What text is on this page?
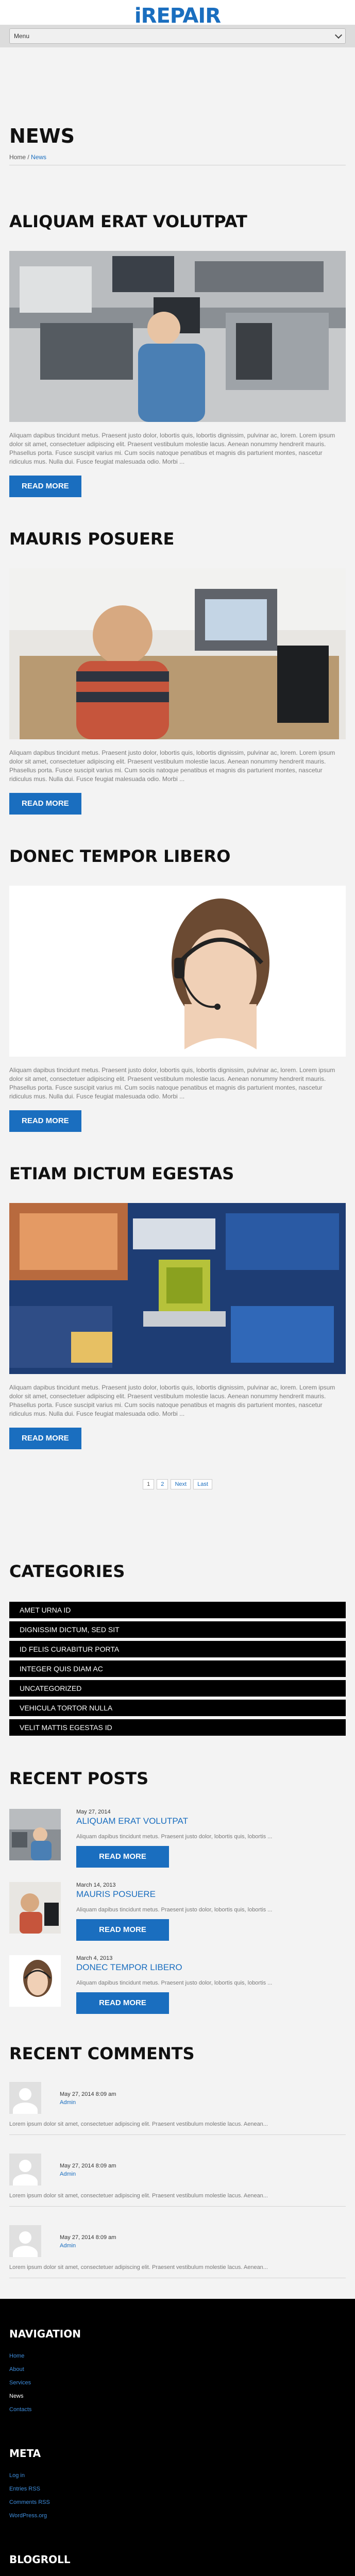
iREPAIR
Menu
NEWS
Home / News
ALIQUAM ERAT VOLUTPAT
Aliquam dapibus tincidunt metus. Praesent justo dolor, lobortis quis, lobortis dignissim, pulvinar ac, lorem. Lorem ipsum dolor sit amet, consectetuer adipiscing elit. Praesent vestibulum molestie lacus. Aenean nonummy hendrerit mauris. Phasellus porta. Fusce suscipit varius mi. Cum sociis natoque penatibus et magnis dis parturient montes, nascetur ridiculus mus. Nulla dui. Fusce feugiat malesuada odio. Morbi ...
READ MORE
MAURIS POSUERE
Aliquam dapibus tincidunt metus. Praesent justo dolor, lobortis quis, lobortis dignissim, pulvinar ac, lorem. Lorem ipsum dolor sit amet, consectetuer adipiscing elit. Praesent vestibulum molestie lacus. Aenean nonummy hendrerit mauris. Phasellus porta. Fusce suscipit varius mi. Cum sociis natoque penatibus et magnis dis parturient montes, nascetur ridiculus mus. Nulla dui. Fusce feugiat malesuada odio. Morbi ...
READ MORE
DONEC TEMPOR LIBERO
Aliquam dapibus tincidunt metus. Praesent justo dolor, lobortis quis, lobortis dignissim, pulvinar ac, lorem. Lorem ipsum dolor sit amet, consectetuer adipiscing elit. Praesent vestibulum molestie lacus. Aenean nonummy hendrerit mauris. Phasellus porta. Fusce suscipit varius mi. Cum sociis natoque penatibus et magnis dis parturient montes, nascetur ridiculus mus. Nulla dui. Fusce feugiat malesuada odio. Morbi ...
READ MORE
ETIAM DICTUM EGESTAS
Aliquam dapibus tincidunt metus. Praesent justo dolor, lobortis quis, lobortis dignissim, pulvinar ac, lorem. Lorem ipsum dolor sit amet, consectetuer adipiscing elit. Praesent vestibulum molestie lacus. Aenean nonummy hendrerit mauris. Phasellus porta. Fusce suscipit varius mi. Cum sociis natoque penatibus et magnis dis parturient montes, nascetur ridiculus mus. Nulla dui. Fusce feugiat malesuada odio. Morbi ...
READ MORE
1 2 Next Last
CATEGORIES
AMET URNA ID
DIGNISSIM DICTUM, SED SIT
ID FELIS CURABITUR PORTA
INTEGER QUIS DIAM AC
UNCATEGORIZED
VEHICULA TORTOR NULLA
VELIT MATTIS EGESTAS ID
RECENT POSTS
May 27, 2014
ALIQUAM ERAT VOLUTPAT
Aliquam dapibus tincidunt metus. Praesent justo dolor, lobortis quis, lobortis ...
READ MORE
March 14, 2013
MAURIS POSUERE
Aliquam dapibus tincidunt metus. Praesent justo dolor, lobortis quis, lobortis ...
READ MORE
March 4, 2013
DONEC TEMPOR LIBERO
Aliquam dapibus tincidunt metus. Praesent justo dolor, lobortis quis, lobortis ...
READ MORE
RECENT COMMENTS
May 27, 2014 8:09 am
Admin
Lorem ipsum dolor sit amet, consectetuer adipiscing elit. Praesent vestibulum molestie lacus. Aenean...
May 27, 2014 8:09 am
Admin
Lorem ipsum dolor sit amet, consectetuer adipiscing elit. Praesent vestibulum molestie lacus. Aenean...
May 27, 2014 8:09 am
Admin
Lorem ipsum dolor sit amet, consectetuer adipiscing elit. Praesent vestibulum molestie lacus. Aenean...
NAVIGATION
Home
About
Services
News
Contacts
META
Log in
Entries RSS
Comments RSS
WordPress.org
BLOGROLL
